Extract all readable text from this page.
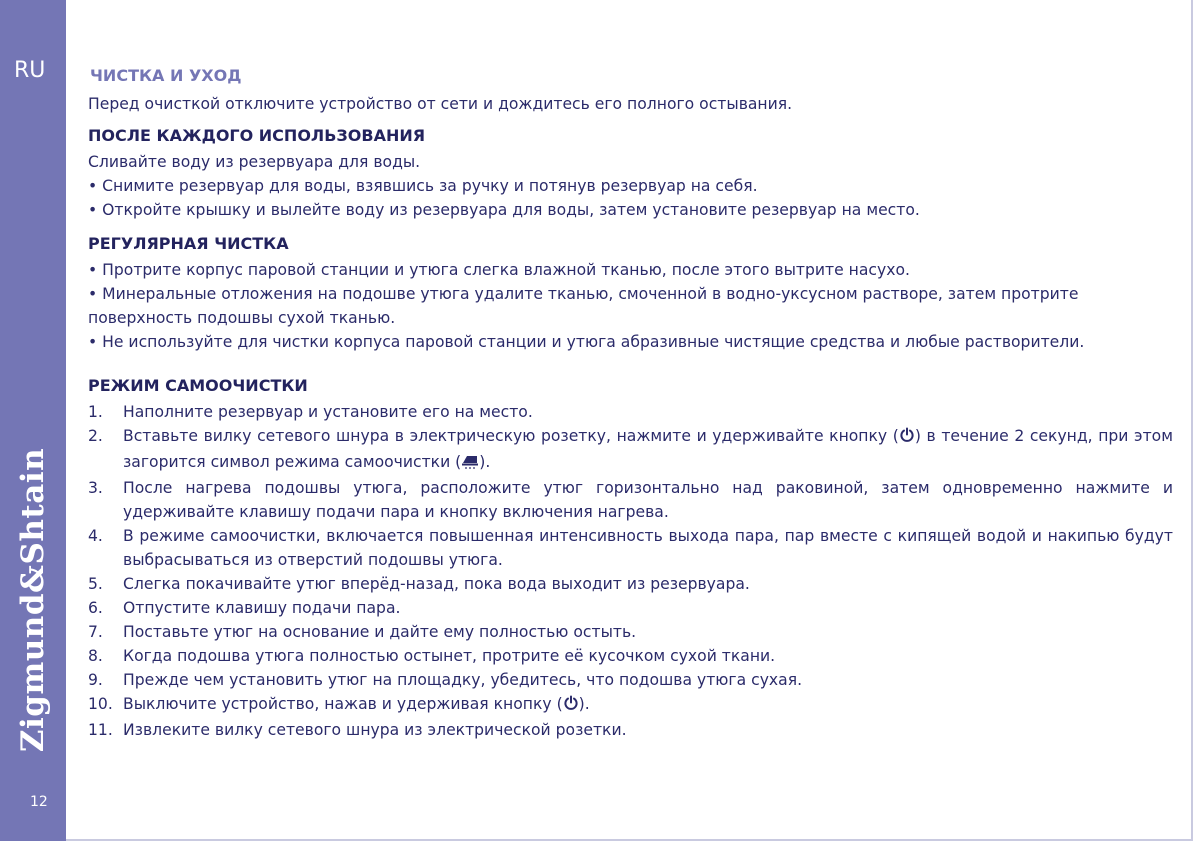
RU
Zigmund&Shtain
12
ЧИСТКА И УХОД

Перед очисткой отключите устройство от сети и дождитесь его полного остывания.

ПОСЛЕ КАЖДОГО ИСПОЛЬЗОВАНИЯ

Сливайте воду из резервуара для воды.

• Снимите резервуар для воды, взявшись за ручку и потянув резервуар на себя.

• Откройте крышку и вылейте воду из резервуара для воды, затем установите резервуар на место.

РЕГУЛЯРНАЯ ЧИСТКА

• Протрите корпус паровой станции и утюга слегка влажной тканью, после этого вытрите насухо.

• Минеральные отложения на подошве утюга удалите тканью, смоченной в водно-уксусном растворе, затем протрите поверхность подошвы сухой тканью.

• Не используйте для чистки корпуса паровой станции и утюга абразивные чистящие средства и любые растворители.

РЕЖИМ САМООЧИСТКИ
1.	Наполните резервуар и установите его на место.
2.	Вставьте вилку сетевого шнура в электрическую розетку, нажмите и удерживайте кнопку ( ) в течение 2 секунд, при этом загорится символ режима самоочистки ( ).
3.	После нагрева подошвы утюга, расположите утюг горизонтально над раковиной, затем одновременно нажмите и удерживайте клавишу подачи пара и кнопку включения нагрева.
4.	В режиме самоочистки, включается повышенная интенсивность выхода пара, пар вместе с кипящей водой и накипью будут выбрасываться из отверстий подошвы утюга.
5.	Слегка покачивайте утюг вперёд-назад, пока вода выходит из резервуара.
6.	Отпустите клавишу подачи пара.
7.	Поставьте утюг на основание и дайте ему полностью остыть.
8.	Когда подошва утюга полностью остынет, протрите её кусочком сухой ткани.
9.	Прежде чем установить утюг на площадку, убедитесь, что подошва утюга сухая.
10. Выключите устройство, нажав и удерживая кнопку ( ).
11. Извлеките вилку сетевого шнура из электрической розетки.
